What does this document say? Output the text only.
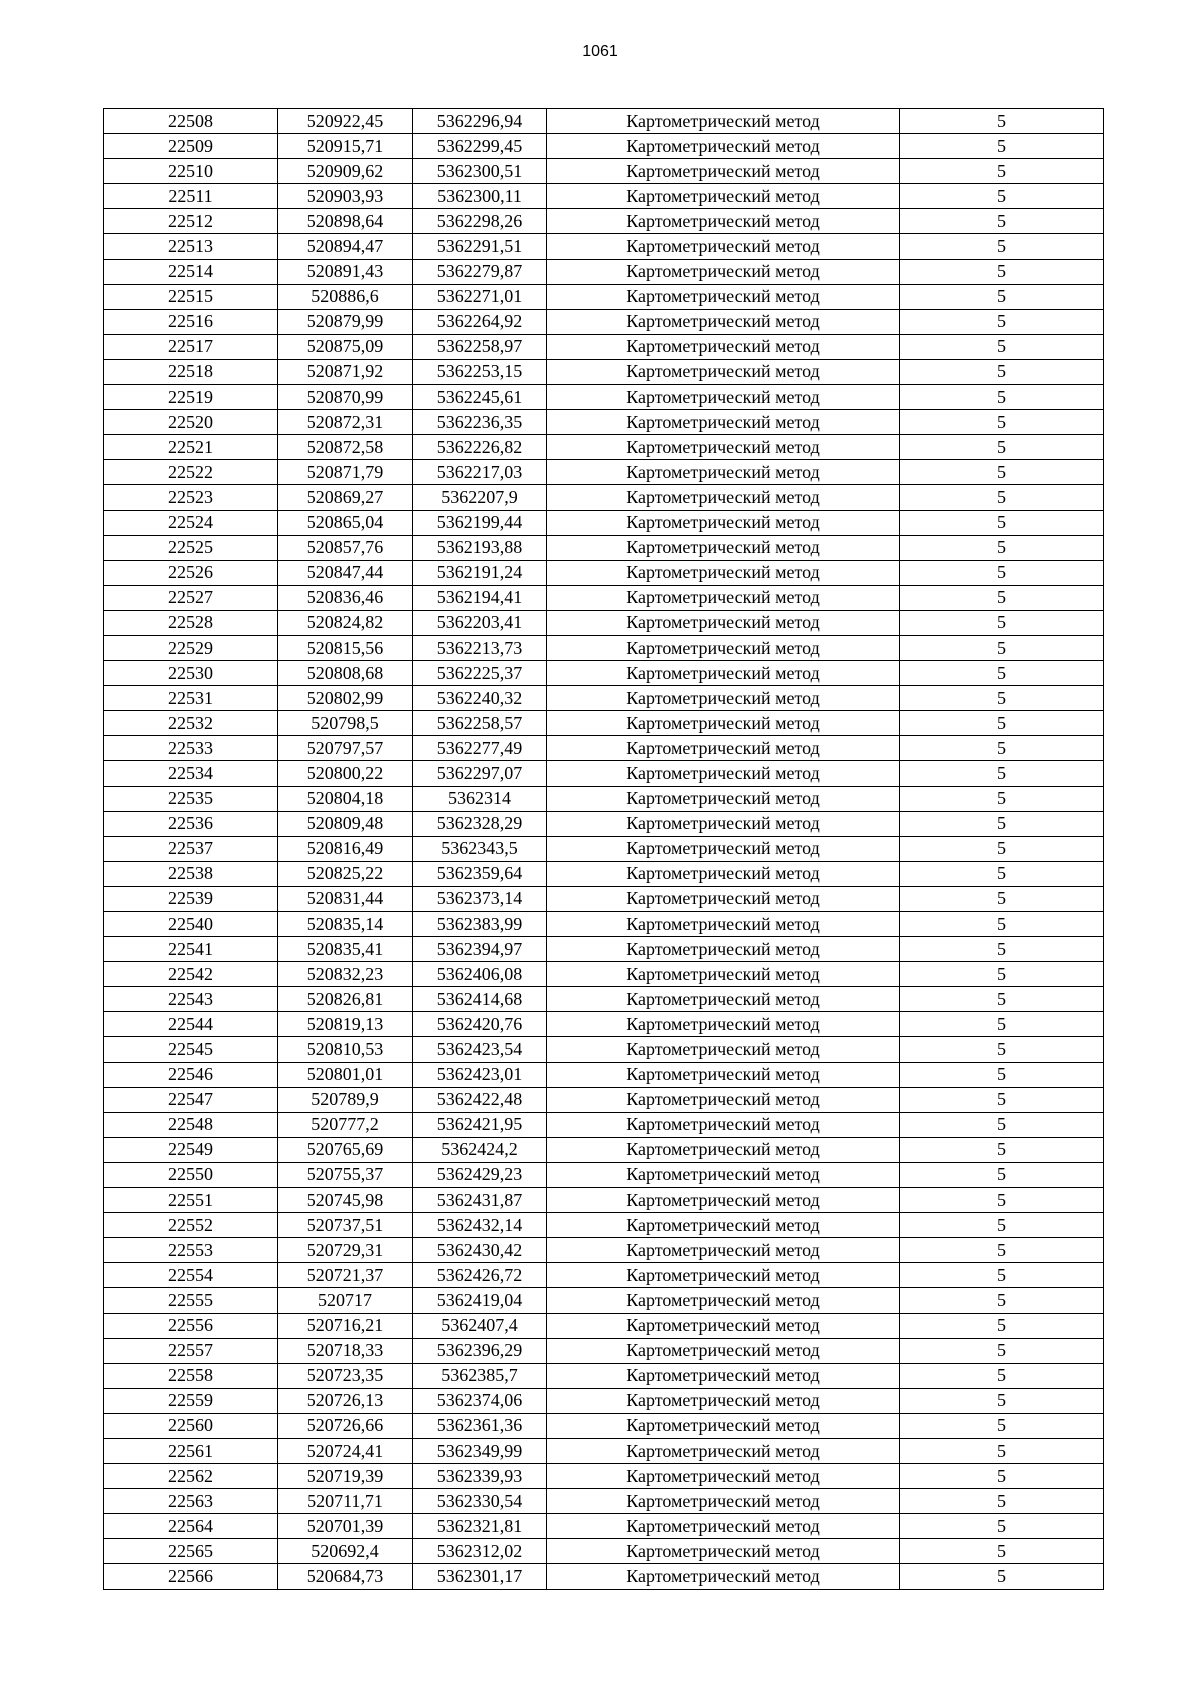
1061
22508	520922,45	5362296,94	Картометрический метод	5
22509	520915,71	5362299,45	Картометрический метод	5
22510	520909,62	5362300,51	Картометрический метод	5
22511	520903,93	5362300,11	Картометрический метод	5
22512	520898,64	5362298,26	Картометрический метод	5
22513	520894,47	5362291,51	Картометрический метод	5
22514	520891,43	5362279,87	Картометрический метод	5
22515	520886,6	5362271,01	Картометрический метод	5
22516	520879,99	5362264,92	Картометрический метод	5
22517	520875,09	5362258,97	Картометрический метод	5
22518	520871,92	5362253,15	Картометрический метод	5
22519	520870,99	5362245,61	Картометрический метод	5
22520	520872,31	5362236,35	Картометрический метод	5
22521	520872,58	5362226,82	Картометрический метод	5
22522	520871,79	5362217,03	Картометрический метод	5
22523	520869,27	5362207,9	Картометрический метод	5
22524	520865,04	5362199,44	Картометрический метод	5
22525	520857,76	5362193,88	Картометрический метод	5
22526	520847,44	5362191,24	Картометрический метод	5
22527	520836,46	5362194,41	Картометрический метод	5
22528	520824,82	5362203,41	Картометрический метод	5
22529	520815,56	5362213,73	Картометрический метод	5
22530	520808,68	5362225,37	Картометрический метод	5
22531	520802,99	5362240,32	Картометрический метод	5
22532	520798,5	5362258,57	Картометрический метод	5
22533	520797,57	5362277,49	Картометрический метод	5
22534	520800,22	5362297,07	Картометрический метод	5
22535	520804,18	5362314	Картометрический метод	5
22536	520809,48	5362328,29	Картометрический метод	5
22537	520816,49	5362343,5	Картометрический метод	5
22538	520825,22	5362359,64	Картометрический метод	5
22539	520831,44	5362373,14	Картометрический метод	5
22540	520835,14	5362383,99	Картометрический метод	5
22541	520835,41	5362394,97	Картометрический метод	5
22542	520832,23	5362406,08	Картометрический метод	5
22543	520826,81	5362414,68	Картометрический метод	5
22544	520819,13	5362420,76	Картометрический метод	5
22545	520810,53	5362423,54	Картометрический метод	5
22546	520801,01	5362423,01	Картометрический метод	5
22547	520789,9	5362422,48	Картометрический метод	5
22548	520777,2	5362421,95	Картометрический метод	5
22549	520765,69	5362424,2	Картометрический метод	5
22550	520755,37	5362429,23	Картометрический метод	5
22551	520745,98	5362431,87	Картометрический метод	5
22552	520737,51	5362432,14	Картометрический метод	5
22553	520729,31	5362430,42	Картометрический метод	5
22554	520721,37	5362426,72	Картометрический метод	5
22555	520717	5362419,04	Картометрический метод	5
22556	520716,21	5362407,4	Картометрический метод	5
22557	520718,33	5362396,29	Картометрический метод	5
22558	520723,35	5362385,7	Картометрический метод	5
22559	520726,13	5362374,06	Картометрический метод	5
22560	520726,66	5362361,36	Картометрический метод	5
22561	520724,41	5362349,99	Картометрический метод	5
22562	520719,39	5362339,93	Картометрический метод	5
22563	520711,71	5362330,54	Картометрический метод	5
22564	520701,39	5362321,81	Картометрический метод	5
22565	520692,4	5362312,02	Картометрический метод	5
22566	520684,73	5362301,17	Картометрический метод	5
